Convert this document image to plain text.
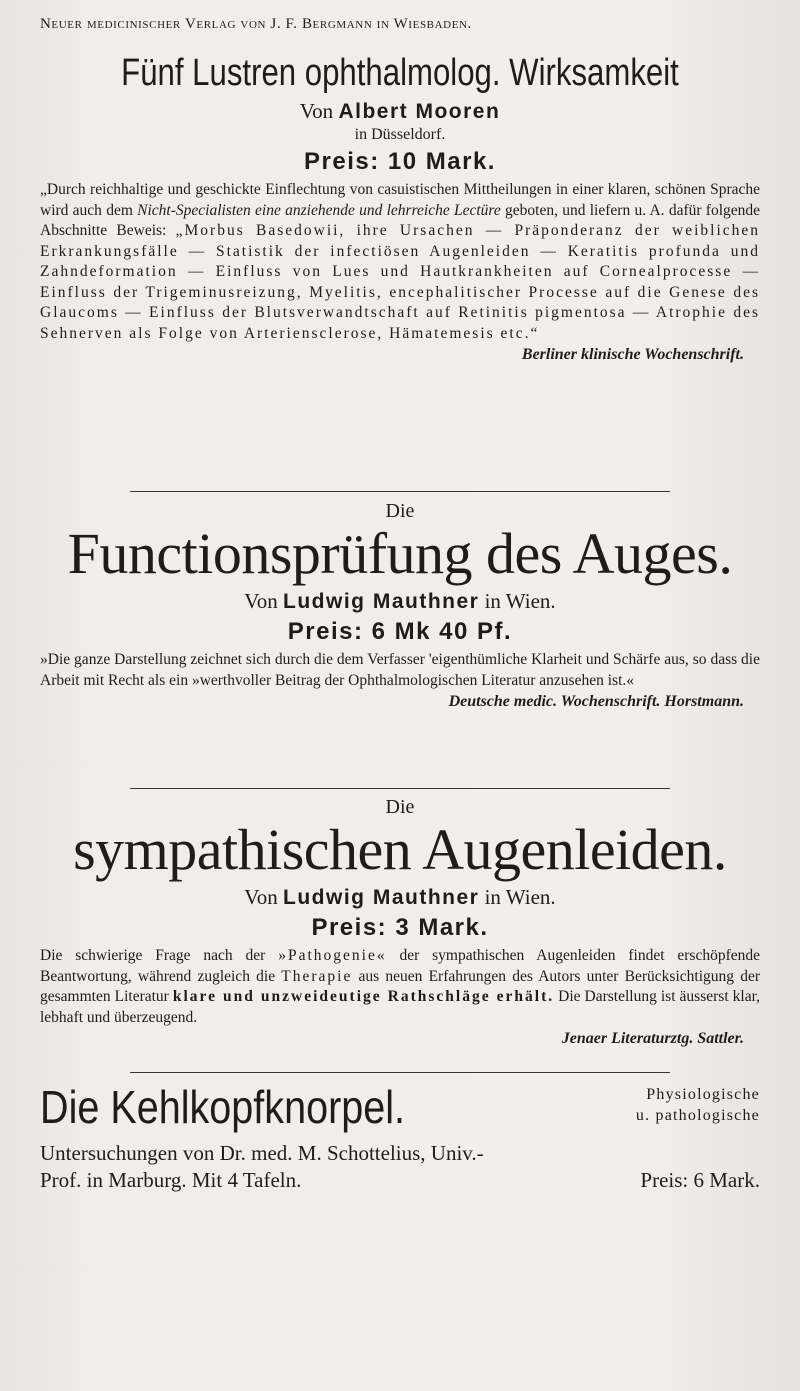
Neuer medicinischer Verlag von J. F. Bergmann in Wiesbaden.
Fünf Lustren ophthalmolog. Wirksamkeit
Von Albert Mooren
in Düsseldorf.
Preis: 10 Mark.

„Durch reichhaltige und geschickte Einflechtung von casuistischen Mittheilungen in einer klaren, schönen Sprache wird auch dem Nicht-Specialisten eine anziehende und lehrreiche Lectüre geboten, und liefern u. A. dafür folgende Abschnitte Beweis: „Morbus Basedowii, ihre Ursachen — Präponderanz der weiblichen Erkrankungsfälle — Statistik der infectiösen Augenleiden — Keratitis profunda und Zahndeformation — Einfluss von Lues und Hautkrankheiten auf Cornealprocesse — Einfluss der Trigeminusreizung, Myelitis, encephalitischer Processe auf die Genese des Glaucoms — Einfluss der Blutsverwandtschaft auf Retinitis pigmentosa — Atrophie des Sehnerven als Folge von Arteriensclerose, Hämatemesis etc.“

Berliner klinische Wochenschrift.
Die
Functionsprüfung des Auges.
Von Ludwig Mauthner in Wien.
Preis: 6 Mk 40 Pf.

»Die ganze Darstellung zeichnet sich durch die dem Verfasser 'eigenthümliche Klarheit und Schärfe aus, so dass die Arbeit mit Recht als ein »werthvoller Beitrag der Ophthalmologischen Literatur anzusehen ist.«

Deutsche medic. Wochenschrift. Horstmann.
Die
sympathischen Augenleiden.
Von Ludwig Mauthner in Wien.
Preis: 3 Mark.

Die schwierige Frage nach der »Pathogenie« der sympathischen Augenleiden findet erschöpfende Beantwortung, während zugleich die Therapie aus neuen Erfahrungen des Autors unter Berücksichtigung der gesammten Literatur klare und unzweideutige Rathschläge erhält. Die Darstellung ist äusserst klar, lebhaft und überzeugend.

Jenaer Literaturztg. Sattler.
Die Kehlkopfknorpel.	Physiologische
u. pathologische
Untersuchungen von Dr. med. M. Schottelius, Univ.-
Prof. in Marburg. Mit 4 Tafeln.	Preis: 6 Mark.
